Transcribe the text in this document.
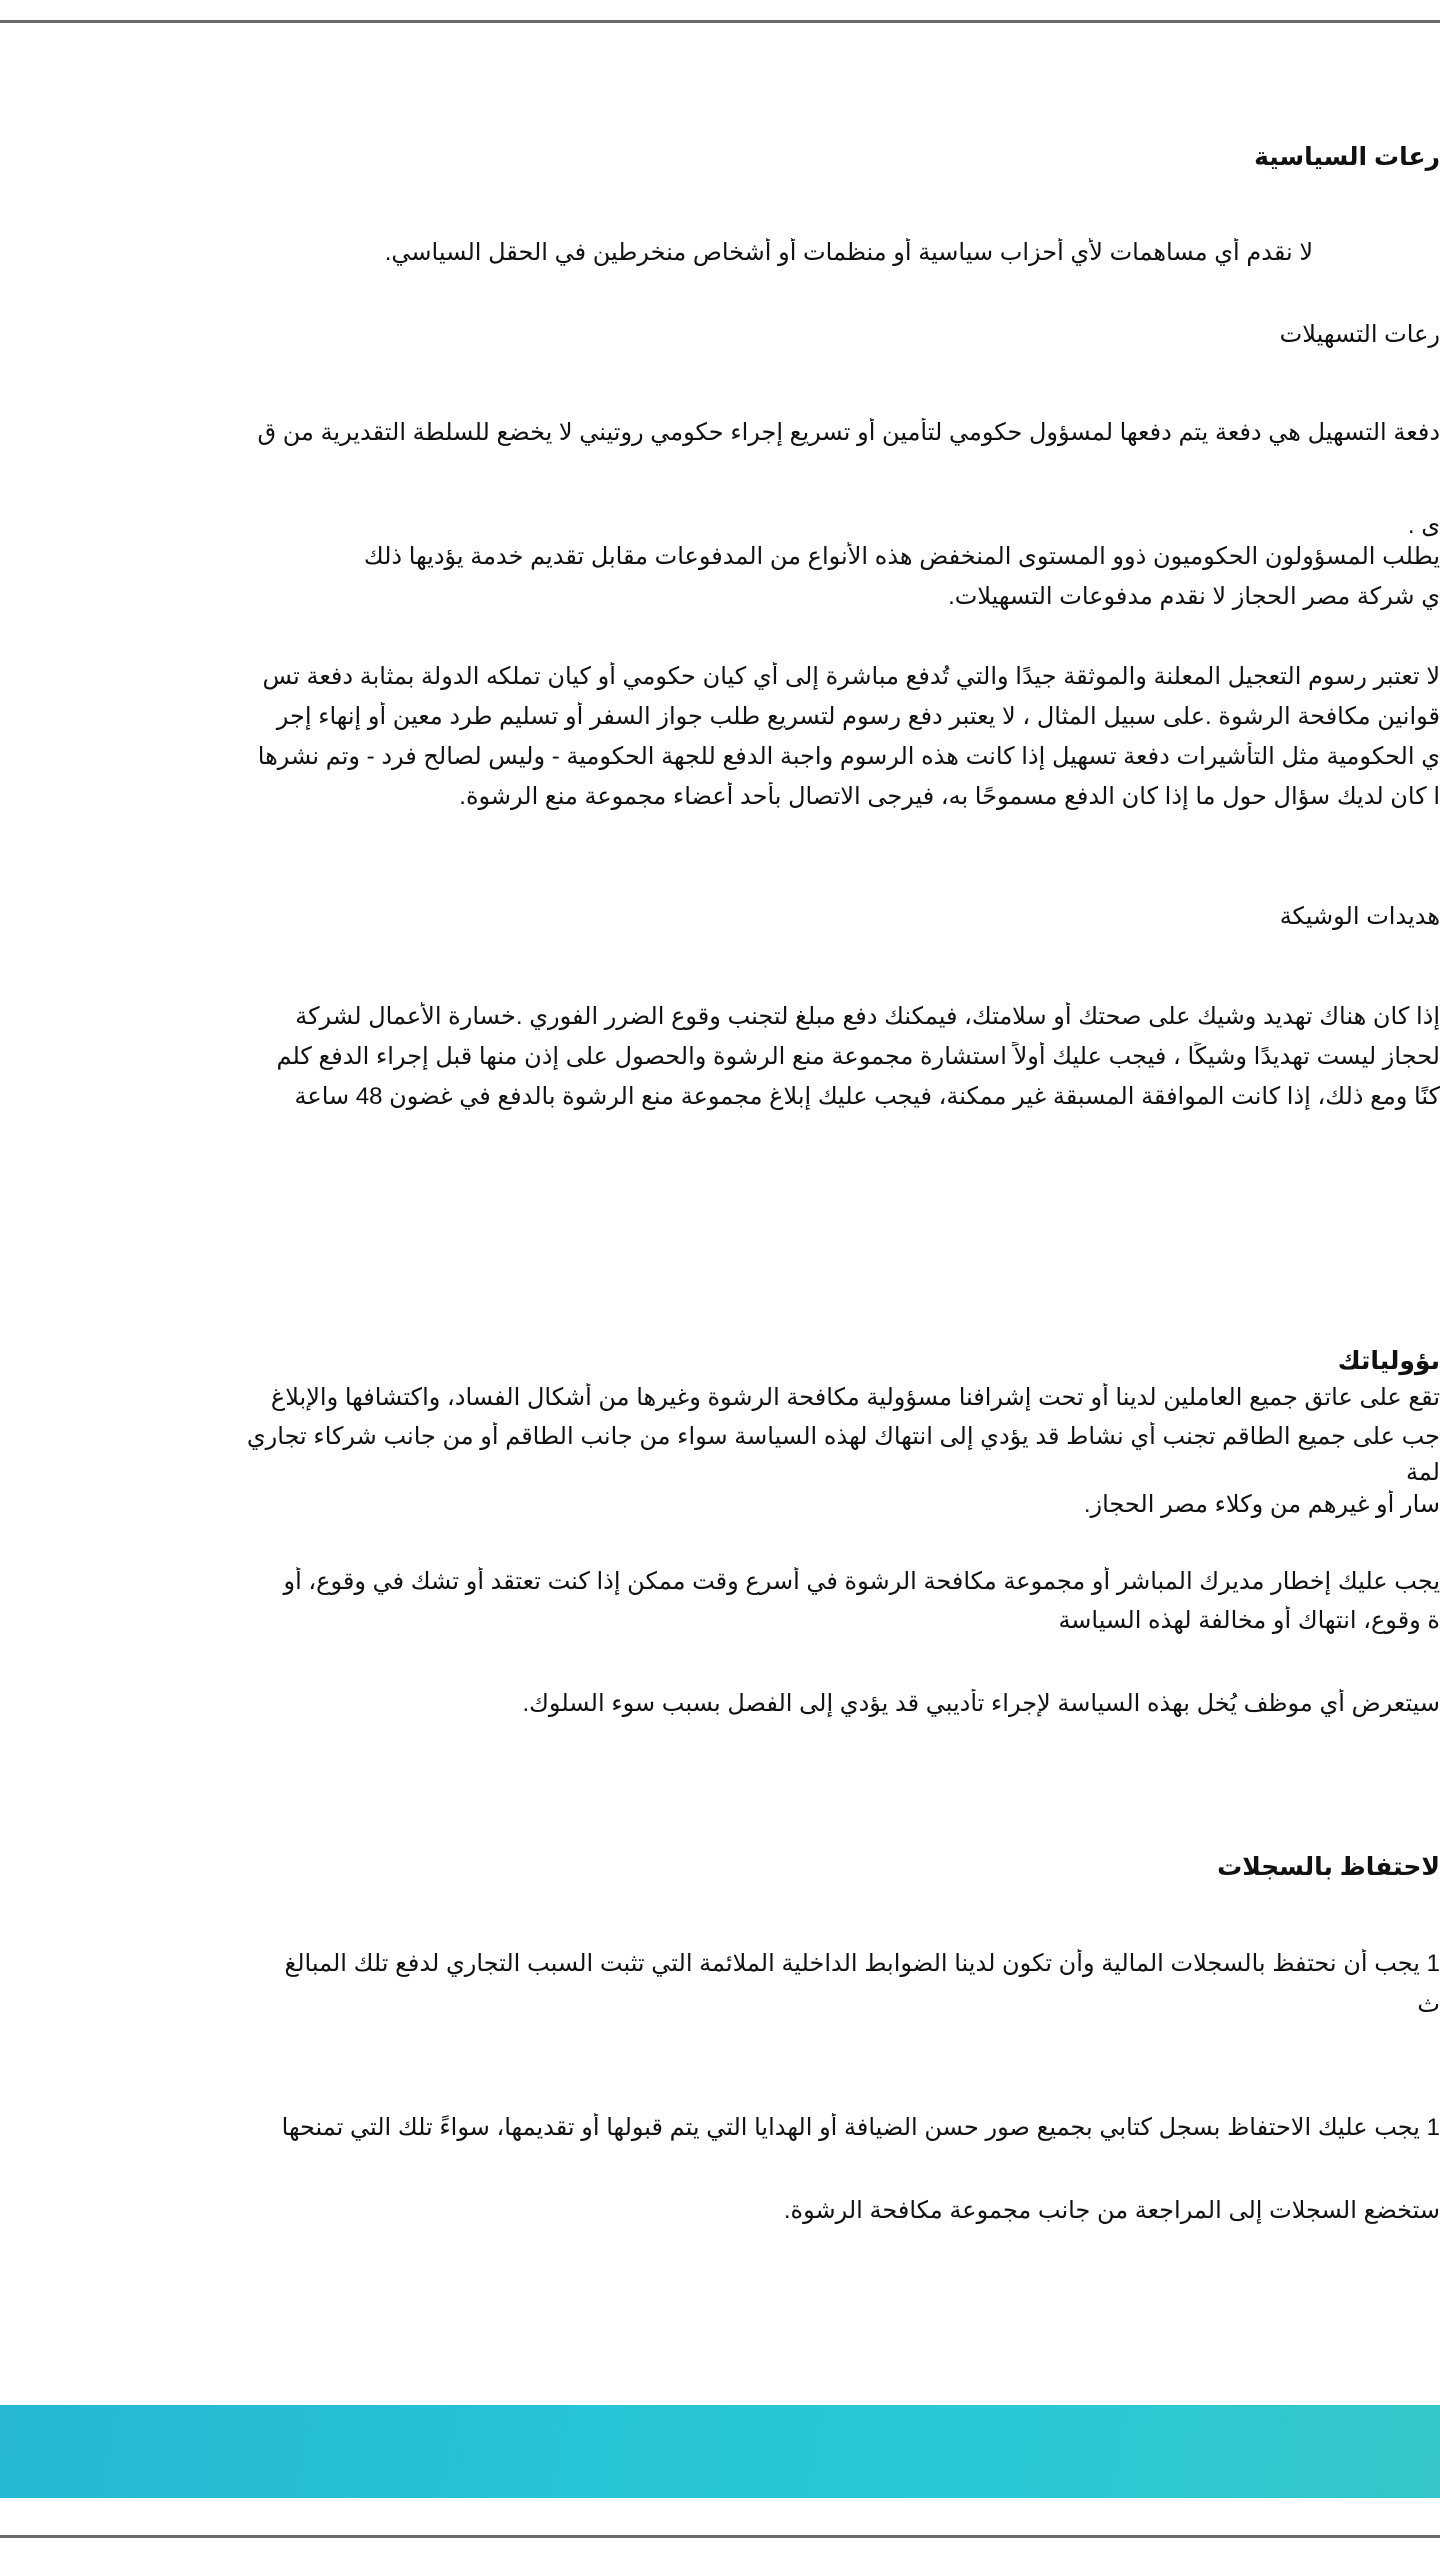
رعات السياسية

لا نقدم أي مساهمات لأي أحزاب سياسية أو منظمات أو أشخاص منخرطين في الحقل السياسي.

رعات التسهيلات

دفعة التسهيل هي دفعة يتم دفعها لمسؤول حكومي لتأمين أو تسريع إجراء حكومي روتيني لا يخضع للسلطة التقديرية من ق

ى .

يطلب المسؤولون الحكوميون ذوو المستوى المنخفض هذه الأنواع من المدفوعات مقابل تقديم خدمة يؤديها ذلك

ي شركة مصر الحجاز لا نقدم مدفوعات التسهيلات.

لا تعتبر رسوم التعجيل المعلنة والموثقة جيدًا والتي تُدفع مباشرة إلى أي كيان حكومي أو كيان تملكه الدولة بمثابة دفعة تس

قوانين مكافحة الرشوة .على سبيل المثال ، لا يعتبر دفع رسوم لتسريع طلب جواز السفر أو تسليم طرد معين أو إنهاء إجر

ي الحكومية مثل التأشيرات دفعة تسهيل إذا كانت هذه الرسوم واجبة الدفع للجهة الحكومية - وليس لصالح فرد - وتم نشرها

ا كان لديك سؤال حول ما إذا كان الدفع مسموحًا به، فيرجى الاتصال بأحد أعضاء مجموعة منع الرشوة.

هديدات الوشيكة

إذا كان هناك تهديد وشيك على صحتك أو سلامتك، فيمكنك دفع مبلغ لتجنب وقوع الضرر الفوري .خسارة الأعمال لشركة

لحجاز ليست تهديدًا وشيكًا ، فيجب عليك أولاً استشارة مجموعة منع الرشوة والحصول على إذن منها قبل إجراء الدفع كلم

كنًا ومع ذلك، إذا كانت الموافقة المسبقة غير ممكنة، فيجب عليك إبلاغ مجموعة منع الرشوة بالدفع في غضون 48 ساعة

ىؤولياتك

تقع على عاتق جميع العاملين لدينا أو تحت إشرافنا مسؤولية مكافحة الرشوة وغيرها من أشكال الفساد، واكتشافها والإبلاغ

جب على جميع الطاقم تجنب أي نشاط قد يؤدي إلى انتهاك لهذه السياسة سواء من جانب الطاقم أو من جانب شركاء تجاري

لمة

سار أو غيرهم من وكلاء مصر الحجاز.

يجب عليك إخطار مديرك المباشر أو مجموعة مكافحة الرشوة في أسرع وقت ممكن إذا كنت تعتقد أو تشك في وقوع، أو

ة وقوع، انتهاك أو مخالفة لهذه السياسة

سيتعرض أي موظف يُخل بهذه السياسة لإجراء تأديبي قد يؤدي إلى الفصل بسبب سوء السلوك.

لاحتفاظ بالسجلات

1 يجب أن نحتفظ بالسجلات المالية وأن تكون لدينا الضوابط الداخلية الملائمة التي تثبت السبب التجاري لدفع تلك المبالغ

ث

1 يجب عليك الاحتفاظ بسجل كتابي بجميع صور حسن الضيافة أو الهدايا التي يتم قبولها أو تقديمها، سواءً تلك التي تمنحها

ستخضع السجلات إلى المراجعة من جانب مجموعة مكافحة الرشوة.
